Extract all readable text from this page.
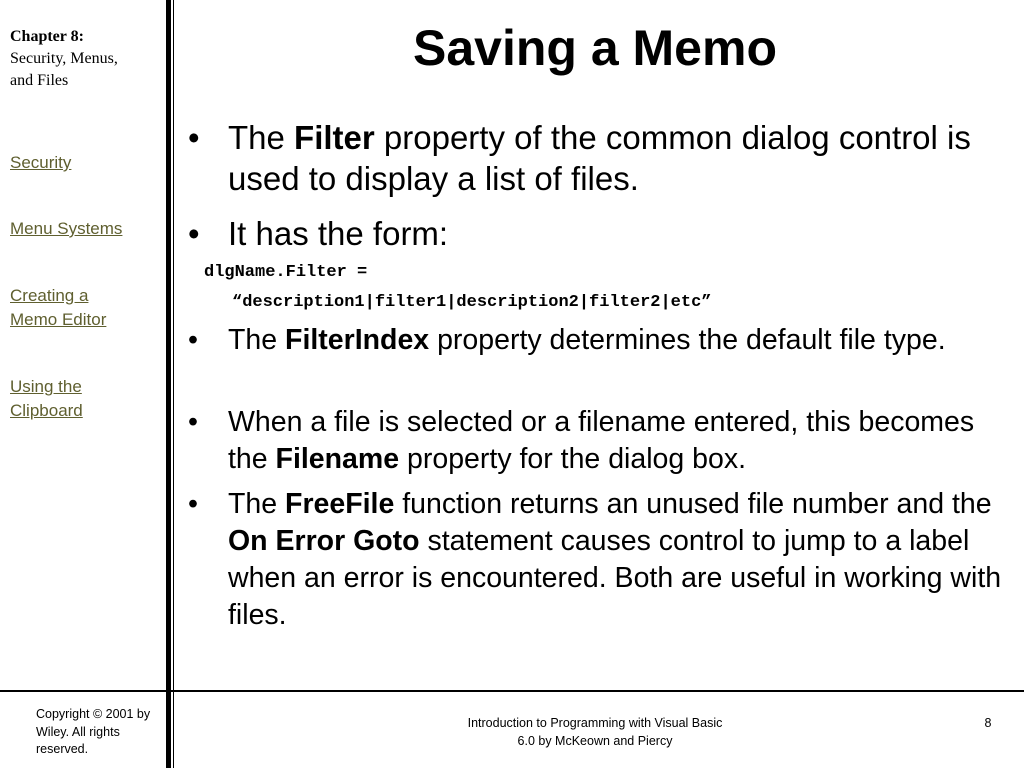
Chapter 8:
Security, Menus,
and Files
Security
Menu Systems
Creating a
Memo Editor
Using the
Clipboard
Saving a Memo
• The Filter property of the common dialog control is used to display a list of files.
• It has the form:
dlgName.Filter =
“description1|filter1|description2|filter2|etc”
• The FilterIndex property determines the default file type.
• When a file is selected or a filename entered, this becomes the Filename property for the dialog box.
• The FreeFile function returns an unused file number and the On Error Goto statement causes control to jump to a label when an error is encountered. Both are useful in working with files.
Copyright © 2001 by Wiley. All rights reserved.
Introduction to Programming with Visual Basic
6.0 by McKeown and Piercy
8
